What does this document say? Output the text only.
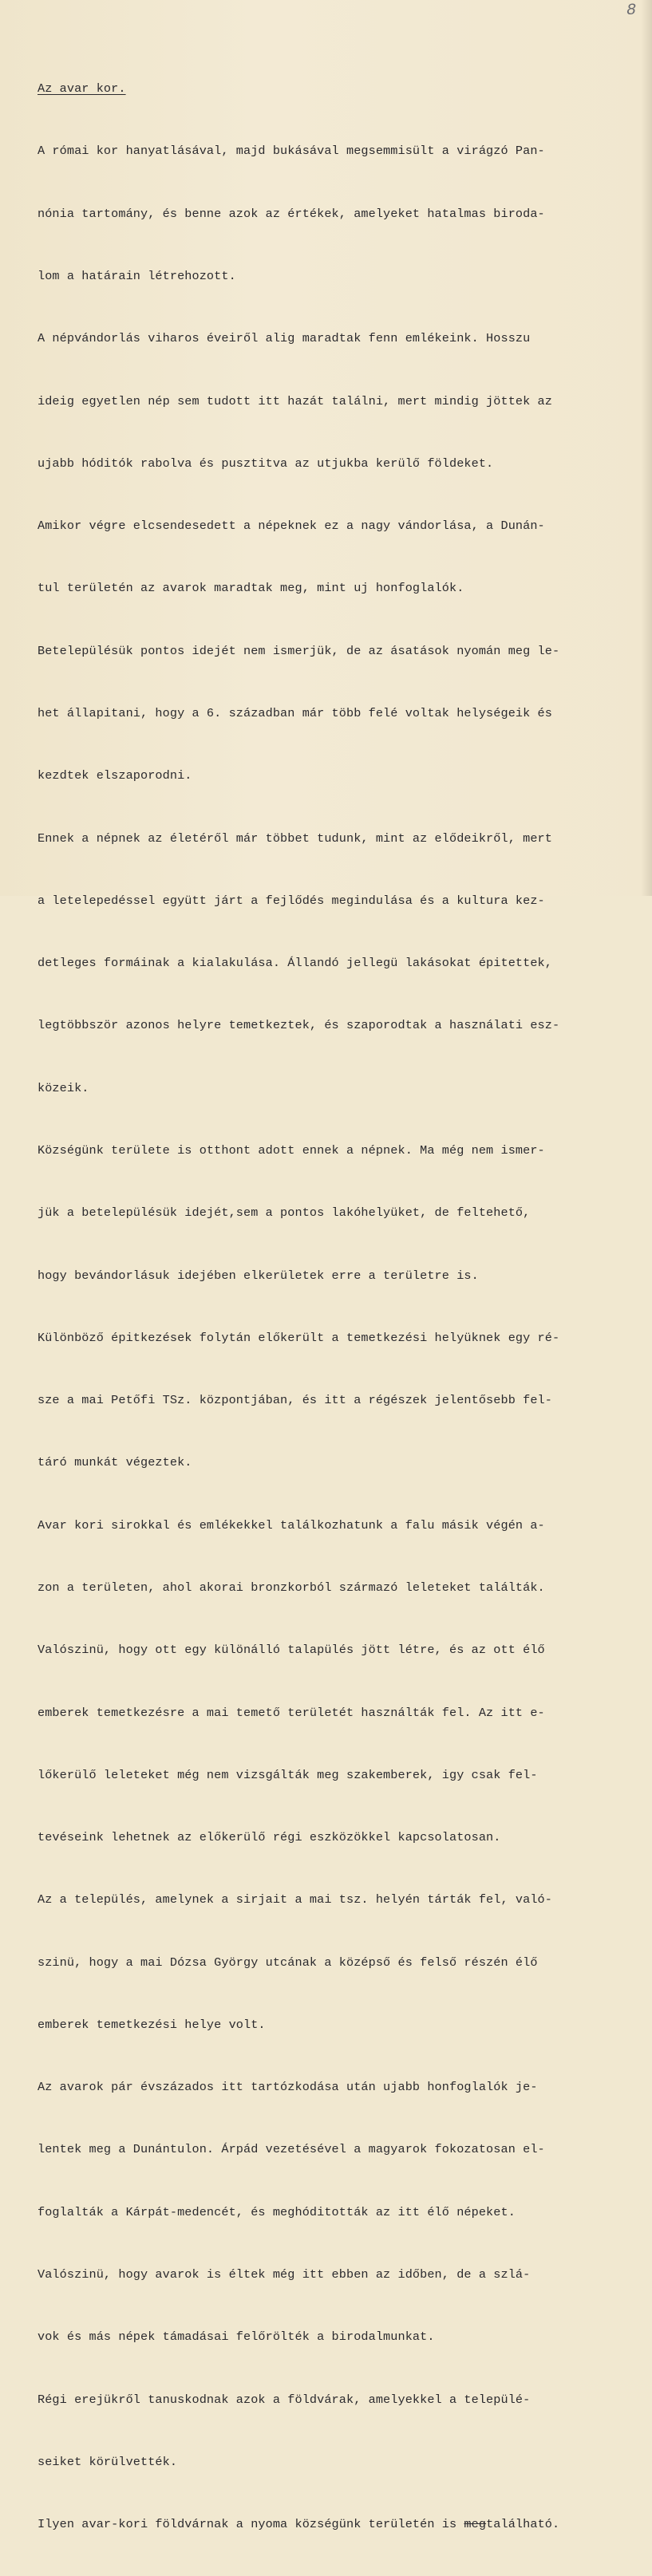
8

Az avar kor.

A római kor hanyatlásával, majd bukásával megsemmisült a virágzó Pan-

nónia tartomány, és benne azok az értékek, amelyeket hatalmas biroda-

lom a határain létrehozott.

A népvándorlás viharos éveiről alig maradtak fenn emlékeink. Hosszu

ideig egyetlen nép sem tudott itt hazát találni, mert mindig jöttek az

ujabb hóditók rabolva és pusztitva az utjukba kerülő földeket.

Amikor végre elcsendesedett a népeknek ez a nagy vándorlása, a Dunán-

tul területén az avarok maradtak meg, mint uj honfoglalók.

Betelepülésük pontos idejét nem ismerjük, de az ásatások nyomán meg le-

het állapitani, hogy a 6. században már több felé voltak helységeik és

kezdtek elszaporodni.

Ennek a népnek az életéről már többet tudunk, mint az elődeikről, mert

a letelepedéssel együtt járt a fejlődés megindulása és a kultura kez-

detleges formáinak a kialakulása. Állandó jellegü lakásokat épitettek,

legtöbbször azonos helyre temetkeztek, és szaporodtak a használati esz-

közeik.

Községünk területe is otthont adott ennek a népnek. Ma még nem ismer-

jük a betelepülésük idejét,sem a pontos lakóhelyüket, de feltehető,

hogy bevándorlásuk idejében elkerületek erre a területre is.

Különböző épitkezések folytán előkerült a temetkezési helyüknek egy ré-

sze a mai Petőfi TSz. központjában, és itt a régészek jelentősebb fel-

táró munkát végeztek.

Avar kori sirokkal és emlékekkel találkozhatunk a falu másik végén a-

zon a területen, ahol akorai bronzkorból származó leleteket találták.

Valószinü, hogy ott egy különálló talapülés jött létre, és az ott élő

emberek temetkezésre a mai temető területét használták fel. Az itt e-

lőkerülő leleteket még nem vizsgálták meg szakemberek, igy csak fel-

tevéseink lehetnek az előkerülő régi eszközökkel kapcsolatosan.

Az a település, amelynek a sirjait a mai tsz. helyén tárták fel, való-

szinü, hogy a mai Dózsa György utcának a középső és felső részén élő

emberek temetkezési helye volt.

Az avarok pár évszázados itt tartózkodása után ujabb honfoglalók je-

lentek meg a Dunántulon. Árpád vezetésével a magyarok fokozatosan el-

foglalták a Kárpát-medencét, és meghóditották az itt élő népeket.

Valószinü, hogy avarok is éltek még itt ebben az időben, de a szlá-

vok és más népek támadásai felőrölték a birodalmunkat.

Régi erejükről tanuskodnak azok a földvárak, amelyekkel a települé-

seiket körülvették.

Ilyen avar-kori földvárnak a nyoma községünk területén is megtalálható.
